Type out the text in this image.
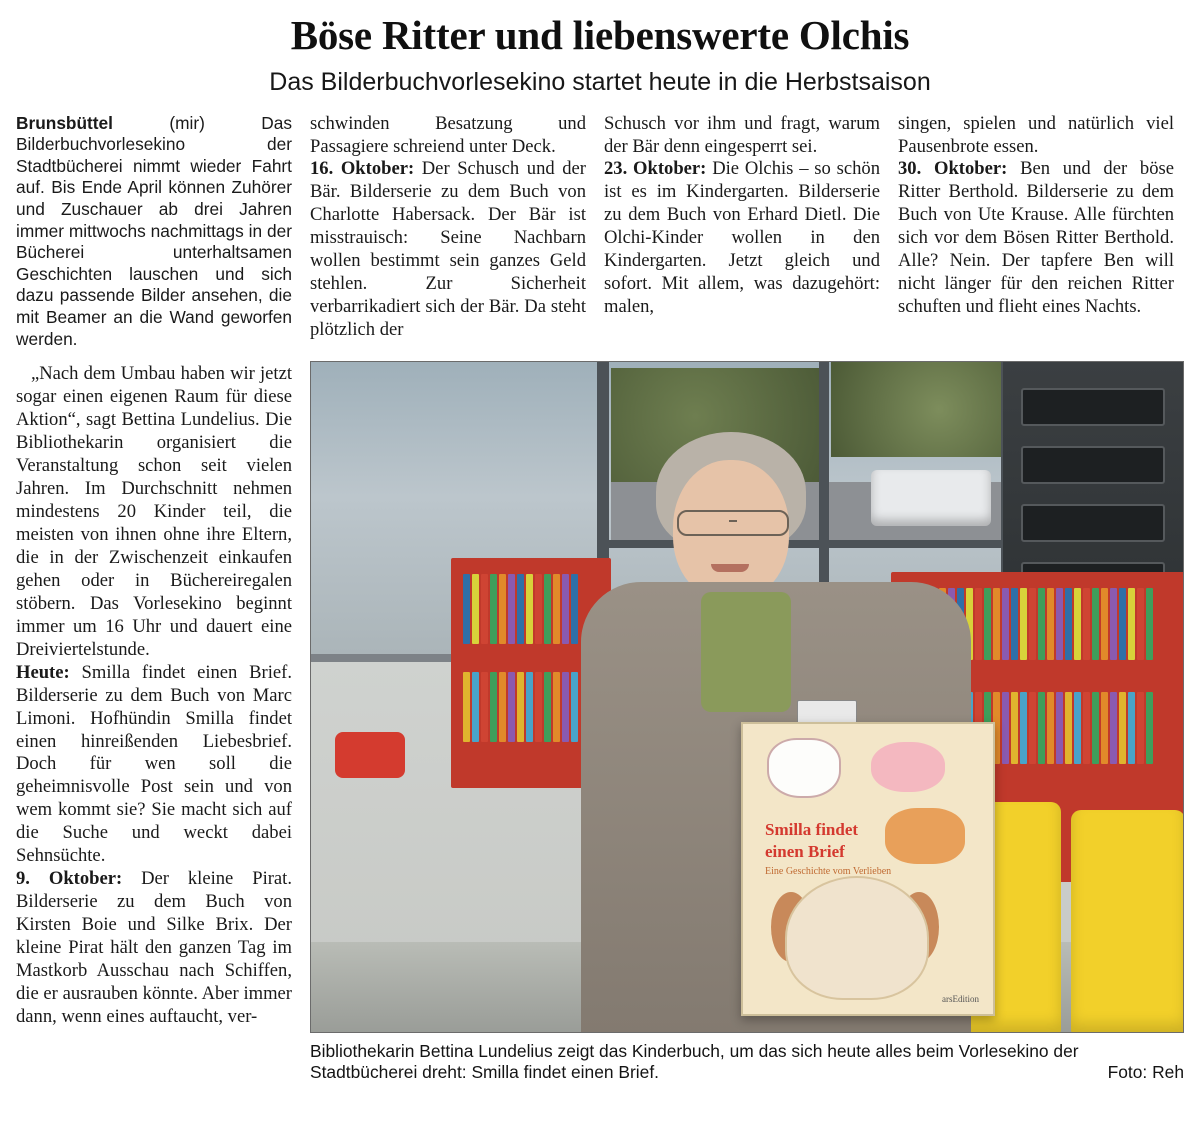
Böse Ritter und liebenswerte Olchis
Das Bilderbuchvorlesekino startet heute in die Herbstsaison

Brunsbüttel	(mir) Das Bilderbuchvorlesekino der Stadtbücherei nimmt wieder Fahrt auf. Bis Ende April können Zuhörer und Zuschauer ab drei Jahren immer mittwochs nachmittags in der Bücherei unterhaltsamen Geschichten lauschen und sich dazu passende Bilder ansehen, die mit Beamer an die Wand geworfen werden.

„Nach dem Umbau haben wir jetzt sogar einen eigenen Raum für diese Aktion“, sagt Bettina Lundelius. Die Bibliothekarin organisiert die Veranstaltung schon seit vielen Jahren. Im Durchschnitt nehmen mindestens 20 Kinder teil, die meisten von ihnen ohne ihre Eltern, die in der Zwischenzeit einkaufen gehen oder in Büchereiregalen stöbern. Das Vorlesekino beginnt immer um 16 Uhr und dauert eine Dreiviertelstunde.

Heute: Smilla findet einen Brief. Bilderserie zu dem Buch von Marc Limoni. Hofhündin Smilla findet einen hinreißenden Liebesbrief. Doch für wen soll die geheimnisvolle Post sein und von wem kommt sie? Sie macht sich auf die Suche und weckt dabei Sehnsüchte.

9. Oktober: Der kleine Pirat. Bilderserie zu dem Buch von Kirsten Boie und Silke Brix. Der kleine Pirat hält den ganzen Tag im Mastkorb Ausschau nach Schiffen, die er ausrauben könnte. Aber immer dann, wenn eines auftaucht, ver-

schwinden Besatzung und Passagiere schreiend unter Deck.

16. Oktober: Der Schusch und der Bär. Bilderserie zu dem Buch von Charlotte Habersack. Der Bär ist misstrauisch: Seine Nachbarn wollen bestimmt sein ganzes Geld stehlen. Zur Sicherheit verbarrikadiert sich der Bär. Da steht plötzlich der

Schusch vor ihm und fragt, warum der Bär denn eingesperrt sei.

23. Oktober: Die Olchis – so schön ist es im Kindergarten. Bilderserie zu dem Buch von Erhard Dietl. Die Olchi-Kinder wollen in den Kindergarten. Jetzt gleich und sofort. Mit allem, was dazugehört: malen,

singen, spielen und natürlich viel Pausenbrote essen.

30. Oktober: Ben und der böse Ritter Berthold. Bilderserie zu dem Buch von Ute Krause. Alle fürchten sich vor dem Bösen Ritter Berthold. Alle? Nein. Der tapfere Ben will nicht länger für den reichen Ritter schuften und flieht eines Nachts.

Smilla findet
einen Brief
Eine Geschichte vom Verlieben
arsEdition
Bibliothekarin Bettina Lundelius zeigt das Kinderbuch, um das sich heute alles beim Vorlesekino der Stadtbücherei dreht: Smilla findet einen Brief.	Foto: Reh
